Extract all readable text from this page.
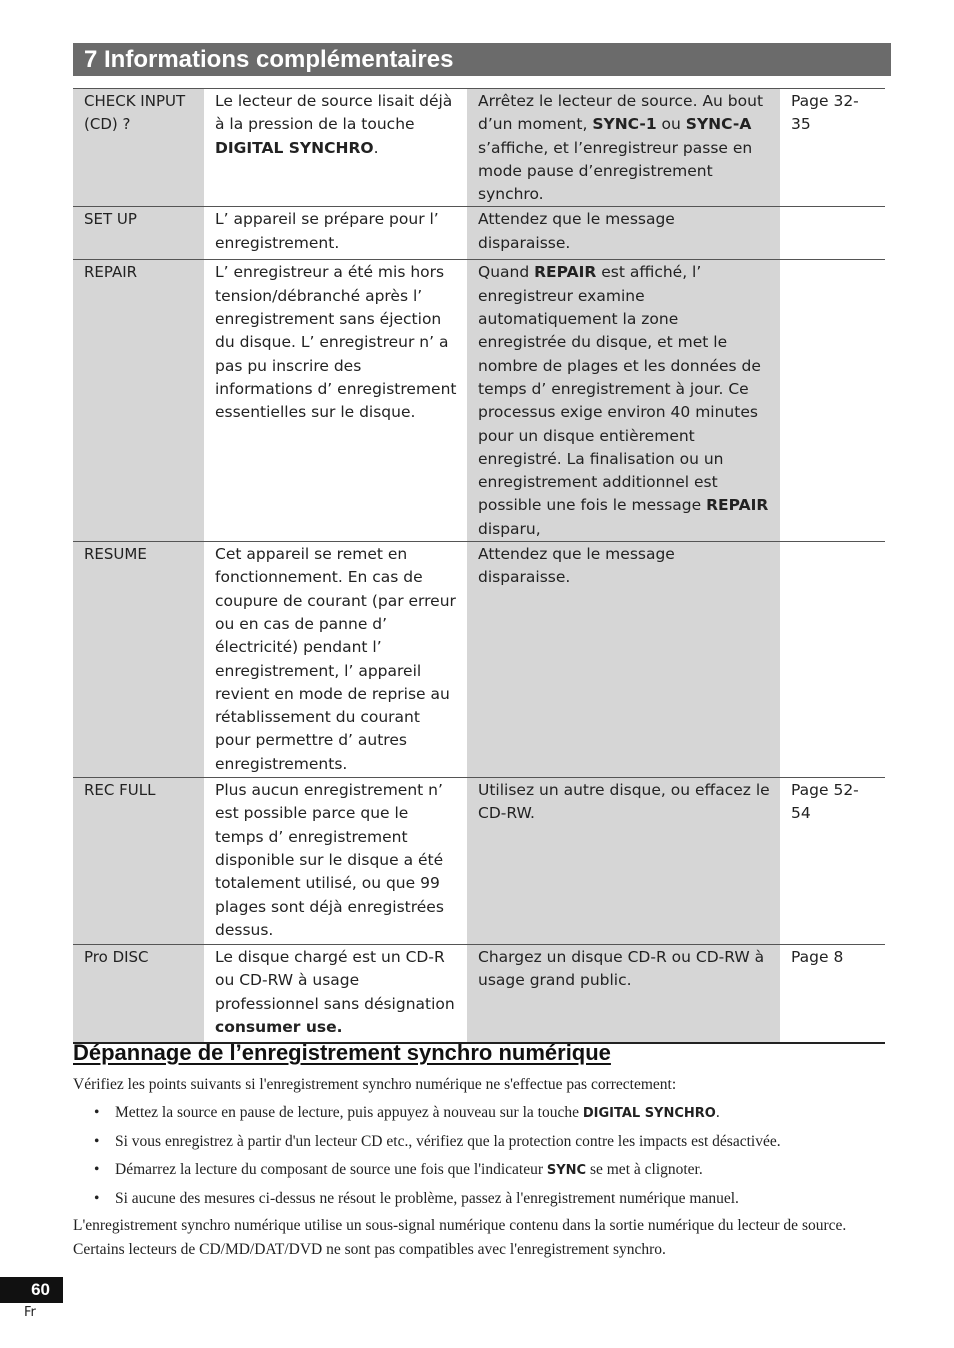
7 Informations complémentaires
CHECK INPUT (CD) ?	Le lecteur de source lisait déjà à la pression de la touche DIGITAL SYNCHRO.	Arrêtez le lecteur de source. Au bout d’un moment, SYNC-1 ou SYNC-A s’affiche, et l’enregistreur passe en mode pause d’enregistrement synchro.	Page 32-35
SET UP	L’ appareil se prépare pour l’ enregistrement.	Attendez que le message disparaisse.	
REPAIR	L’ enregistreur a été mis hors tension/débranché après l’ enregistrement sans éjection du disque. L’ enregistreur n’ a pas pu inscrire des informations d’ enregistrement essentielles sur le disque.	Quand REPAIR est affiché, l’ enregistreur examine automatiquement la zone enregistrée du disque, et met le nombre de plages et les données de temps d’ enregistrement à jour. Ce processus exige environ 40 minutes pour un disque entièrement enregistré. La finalisation ou un enregistrement additionnel est possible une fois le message REPAIR disparu,	
RESUME	Cet appareil se remet en fonctionnement. En cas de coupure de courant (par erreur ou en cas de panne d’ électricité) pendant l’ enregistrement, l’ appareil revient en mode de reprise au rétablissement du courant pour permettre d’ autres enregistrements.	Attendez que le message disparaisse.	
REC FULL	Plus aucun enregistrement n’ est possible parce que le temps d’ enregistrement disponible sur le disque a été totalement utilisé, ou que 99 plages sont déjà enregistrées dessus.	Utilisez un autre disque, ou effacez le CD-RW.	Page 52-54
Pro DISC	Le disque chargé est un CD-R ou CD-RW à usage professionnel sans désignation consumer use.	Chargez un disque CD-R ou CD-RW à usage grand public.	Page 8
Dépannage de l’enregistrement synchro numérique

Vérifiez les points suivants si l'enregistrement synchro numérique ne s'effectue pas correctement:

• Mettez la source en pause de lecture, puis appuyez à nouveau sur la touche DIGITAL SYNCHRO.
• Si vous enregistrez à partir d'un lecteur CD etc., vérifiez que la protection contre les impacts est désactivée.
• Démarrez la lecture du composant de source une fois que l'indicateur SYNC se met à clignoter.
• Si aucune des mesures ci-dessus ne résout le problème, passez à l'enregistrement numérique manuel.

L'enregistrement synchro numérique utilise un sous-signal numérique contenu dans la sortie numérique du lecteur de source. Certains lecteurs de CD/MD/DAT/DVD ne sont pas compatibles avec l'enregistrement synchro.

60
Fr
